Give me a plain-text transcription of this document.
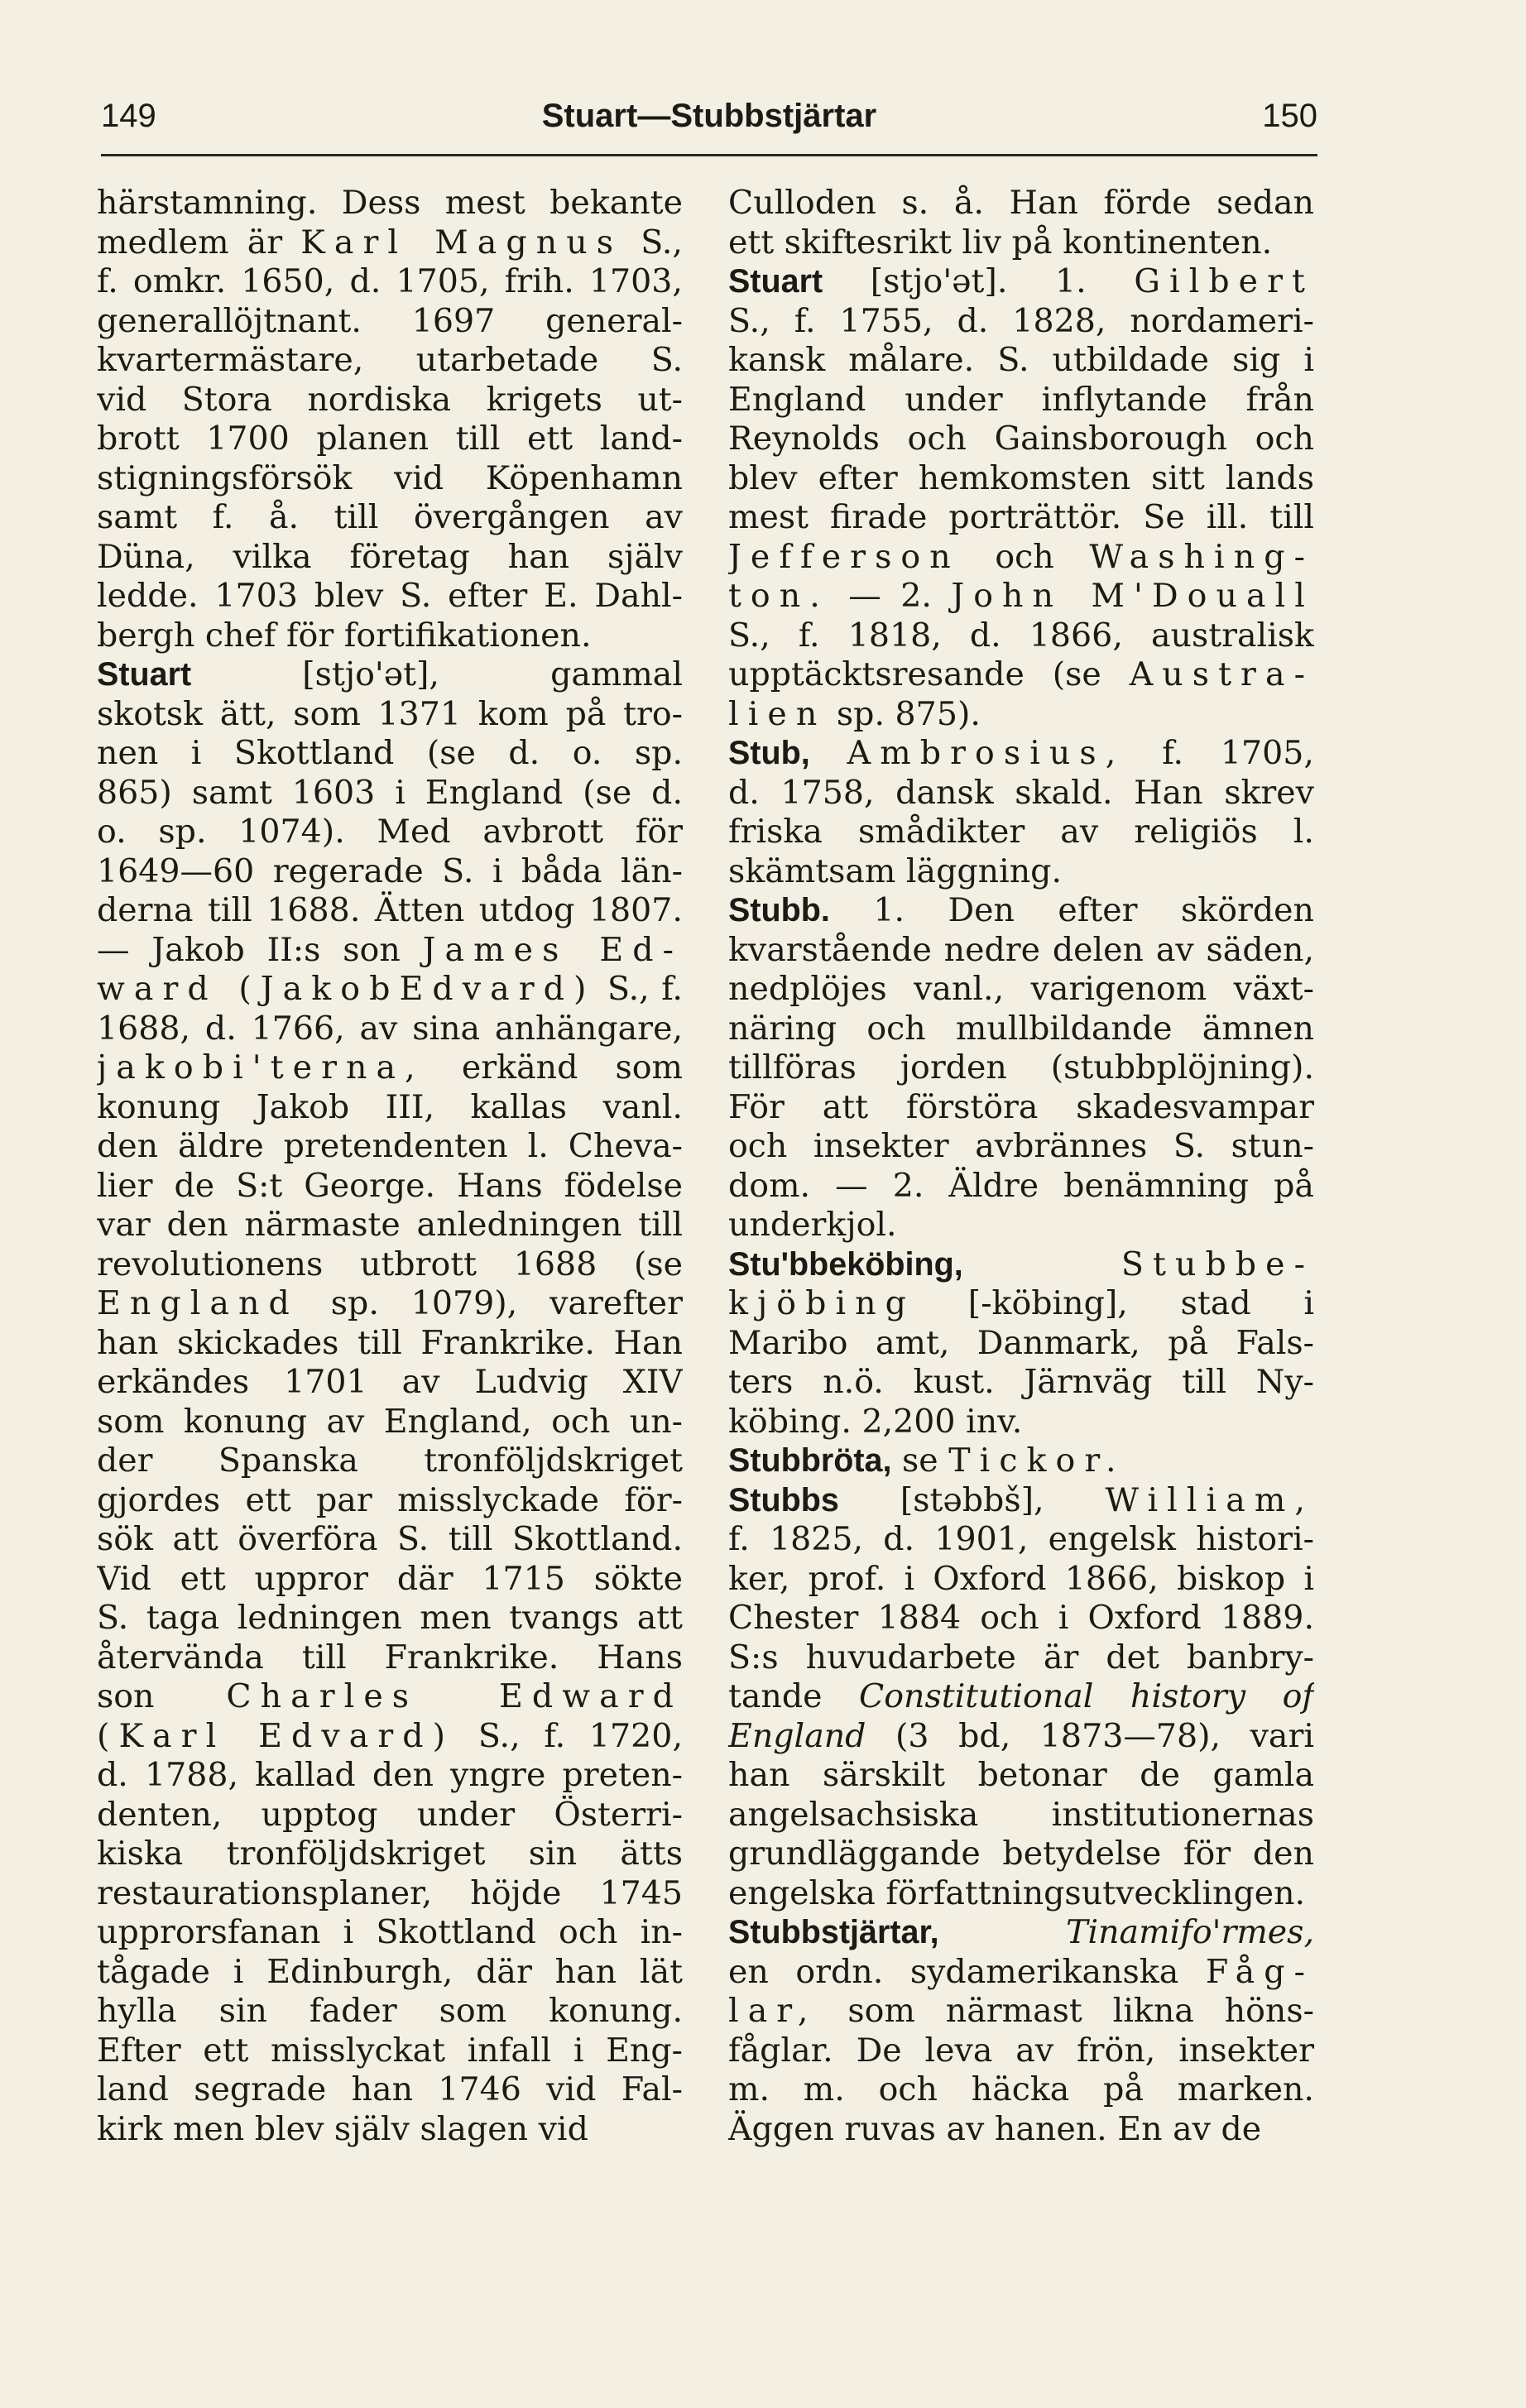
149	Stuart—Stubbstjärtar	150
härstamning. Dess mest bekante
medlem är Karl Magnus S.,
f. omkr. 1650, d. 1705, frih. 1703,
generallöjtnant. 1697 general-
kvartermästare, utarbetade S.
vid Stora nordiska krigets ut-
brott 1700 planen till ett land-
stigningsförsök vid Köpenhamn
samt f. å. till övergången av
Düna, vilka företag han själv
ledde. 1703 blev S. efter E. Dahl-
bergh chef för fortifikationen.
Stuart [stjo'ət], gammal
skotsk ätt, som 1371 kom på tro-
nen i Skottland (se d. o. sp.
865) samt 1603 i England (se d.
o. sp. 1074). Med avbrott för
1649—60 regerade S. i båda län-
derna till 1688. Ätten utdog 1807.
— Jakob II:s son James Ed-
ward (JakobEdvard) S., f.
1688, d. 1766, av sina anhängare,
jakobi'terna, erkänd som
konung Jakob III, kallas vanl.
den äldre pretendenten l. Cheva-
lier de S:t George. Hans födelse
var den närmaste anledningen till
revolutionens utbrott 1688 (se
England sp. 1079), varefter
han skickades till Frankrike. Han
erkändes 1701 av Ludvig XIV
som konung av England, och un-
der Spanska tronföljdskriget
gjordes ett par misslyckade för-
sök att överföra S. till Skottland.
Vid ett uppror där 1715 sökte
S. taga ledningen men tvangs att
återvända till Frankrike. Hans
son Charles Edward
(Karl Edvard) S., f. 1720,
d. 1788, kallad den yngre preten-
denten, upptog under Österri-
kiska tronföljdskriget sin ätts
restaurationsplaner, höjde 1745
upprorsfanan i Skottland och in-
tågade i Edinburgh, där han lät
hylla sin fader som konung.
Efter ett misslyckat infall i Eng-
land segrade han 1746 vid Fal-
kirk men blev själv slagen vid
Culloden s. å. Han förde sedan
ett skiftesrikt liv på kontinenten.
Stuart [stjo'ət]. 1. Gilbert
S., f. 1755, d. 1828, nordameri-
kansk målare. S. utbildade sig i
England under inflytande från
Reynolds och Gainsborough och
blev efter hemkomsten sitt lands
mest firade porträttör. Se ill. till
Jefferson och Washing-
ton. — 2. John M'Douall
S., f. 1818, d. 1866, australisk
upptäcktsresande (se Austra-
lien sp. 875).
Stub, Ambrosius, f. 1705,
d. 1758, dansk skald. Han skrev
friska smådikter av religiös l.
skämtsam läggning.
Stubb. 1. Den efter skörden
kvarstående nedre delen av säden,
nedplöjes vanl., varigenom växt-
näring och mullbildande ämnen
tillföras jorden (stubbplöjning).
För att förstöra skadesvampar
och insekter avbrännes S. stun-
dom. — 2. Äldre benämning på
underkjol.
Stu'bbeköbing,	Stubbe-
kjöbing [-köbing], stad i
Maribo amt, Danmark, på Fals-
ters n.ö. kust. Järnväg till Ny-
köbing. 2,200 inv.
Stubbröta, se Tickor.
Stubbs [stəbbš], William,
f. 1825, d. 1901, engelsk histori-
ker, prof. i Oxford 1866, biskop i
Chester 1884 och i Oxford 1889.
S:s huvudarbete är det banbry-
tande Constitutional history of
England (3 bd, 1873—78), vari
han särskilt betonar de gamla
angelsachsiska institutionernas
grundläggande betydelse för den
engelska författningsutvecklingen.
Stubbstjärtar,	Tinamifo'rmes,
en ordn. sydamerikanska Fåg-
lar, som närmast likna höns-
fåglar. De leva av frön, insekter
m. m. och häcka på marken.
Äggen ruvas av hanen. En av de
